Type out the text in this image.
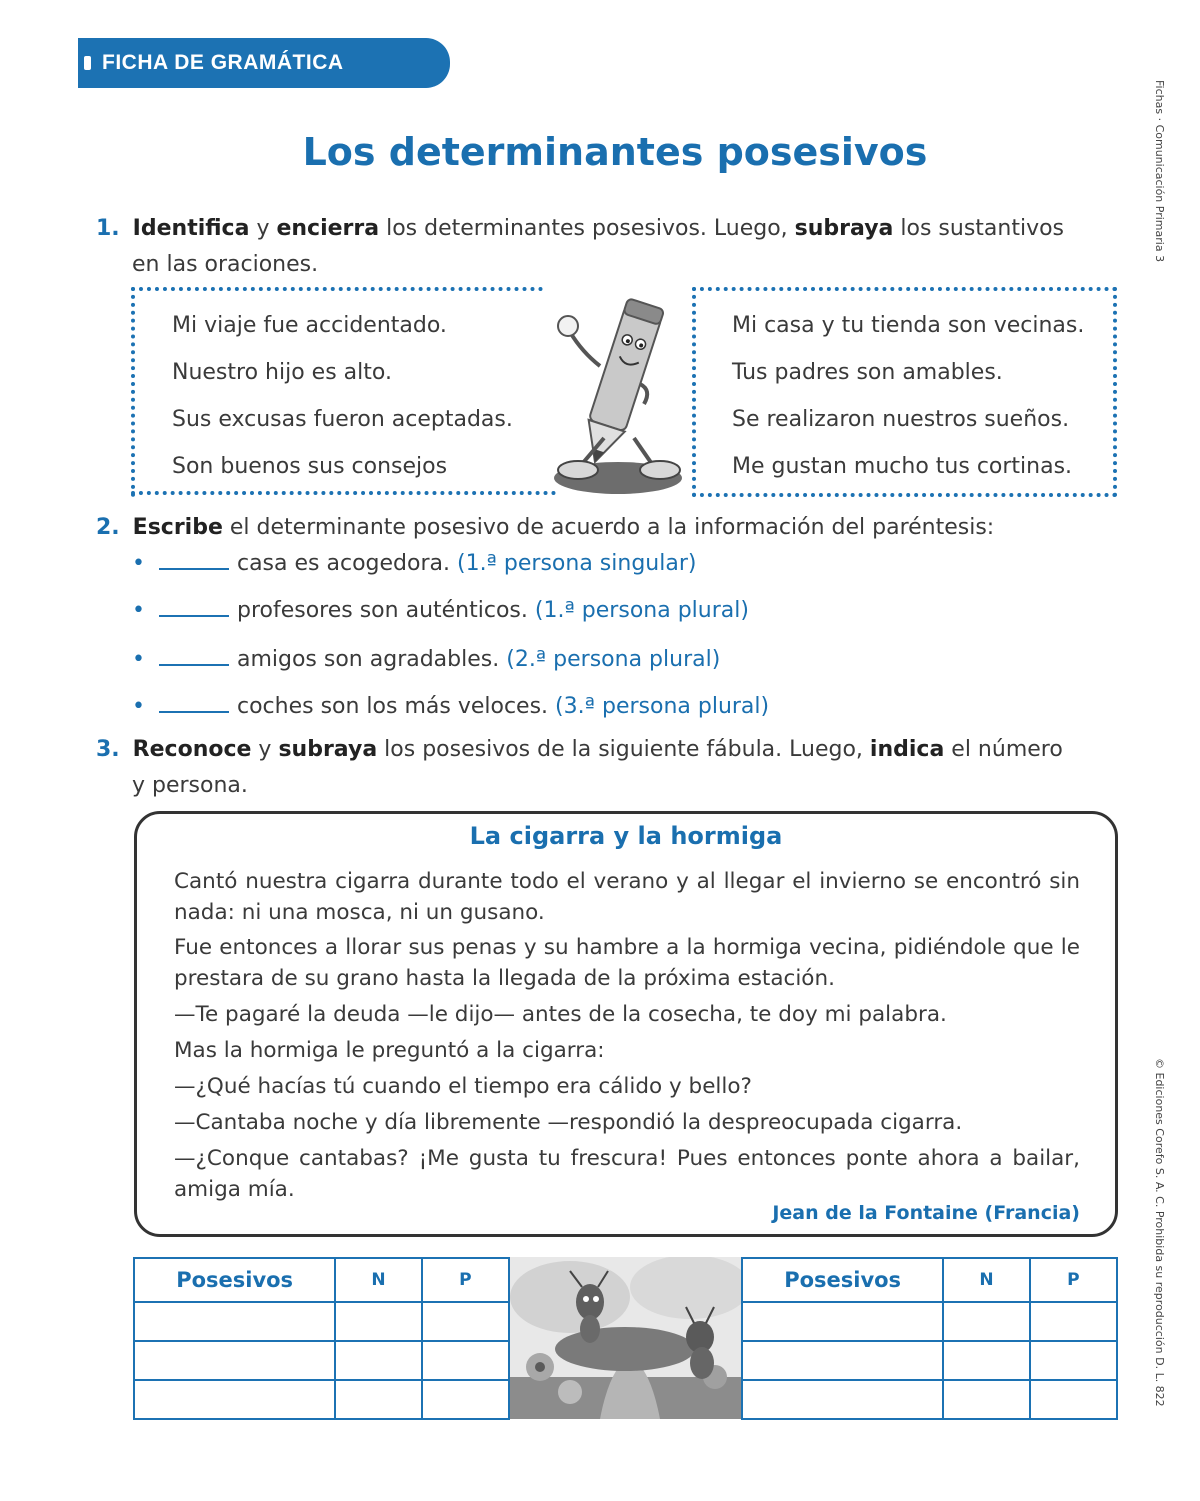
FICHA DE GRAMÁTICA
Fichas · Comunicación Primaria 3
© Ediciones Corefo S. A. C. Prohibida su reproducción D. L. 822
Los determinantes posesivos
1. Identifica y encierra los determinantes posesivos. Luego, subraya los sustantivos
en las oraciones.
Mi viaje fue accidentado.
Nuestro hijo es alto.
Sus excusas fueron aceptadas.
Son buenos sus consejos
Mi casa y tu tienda son vecinas.
Tus padres son amables.
Se realizaron nuestros sueños.
Me gustan mucho tus cortinas.
2. Escribe el determinante posesivo de acuerdo a la información del paréntesis:
•	casa es acogedora. (1.ª persona singular)
•	profesores son auténticos. (1.ª persona plural)
•	amigos son agradables. (2.ª persona plural)
•	coches son los más veloces. (3.ª persona plural)
3. Reconoce y subraya los posesivos de la siguiente fábula. Luego, indica el número
y persona.
La cigarra y la hormiga

Cantó nuestra cigarra durante todo el verano y al llegar el invierno se encontró sin nada: ni una mosca, ni un gusano.

Fue entonces a llorar sus penas y su hambre a la hormiga vecina, pidiéndole que le prestara de su grano hasta la llegada de la próxima estación.

—Te pagaré la deuda —le dijo— antes de la cosecha, te doy mi palabra.

Mas la hormiga le preguntó a la cigarra:

—¿Qué hacías tú cuando el tiempo era cálido y bello?

—Cantaba noche y día libremente —respondió la despreocupada cigarra.

—¿Conque cantabas? ¡Me gusta tu frescura! Pues entonces ponte ahora a bailar, amiga mía.

Jean de la Fontaine (Francia)
Posesivos	N	P

			Posesivos	N	P
